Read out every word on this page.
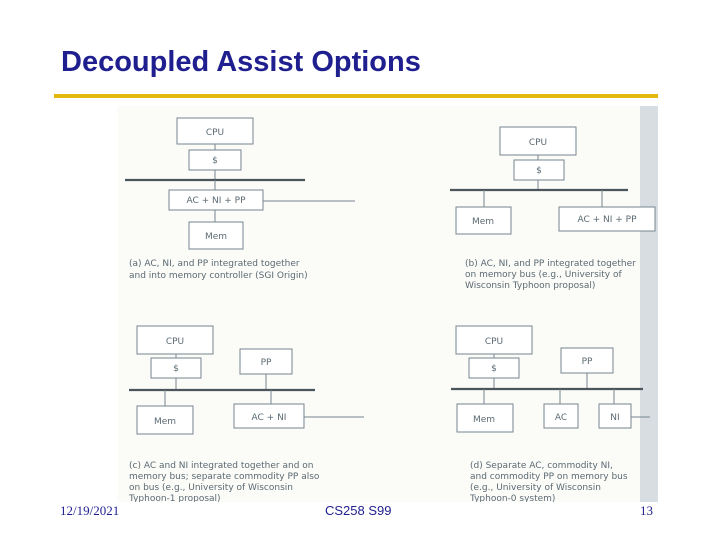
Decoupled Assist Options
CPU
$
AC + NI + PP
Mem
(a) AC, NI, and PP integrated together
and into memory controller (SGI Origin)
CPU
$
Mem	AC + NI + PP
(b) AC, NI, and PP integrated together
on memory bus (e.g., University of
Wisconsin Typhoon proposal)
CPU
$
PP
Mem	AC + NI
(c) AC and NI integrated together and on
memory bus; separate commodity PP also
on bus (e.g., University of Wisconsin
Typhoon-1 proposal)
CPU
$
PP
Mem	AC	NI
(d) Separate AC, commodity NI,
and commodity PP on memory bus
(e.g., University of Wisconsin
Typhoon-0 system)
12/19/2021	CS258 S99	13
